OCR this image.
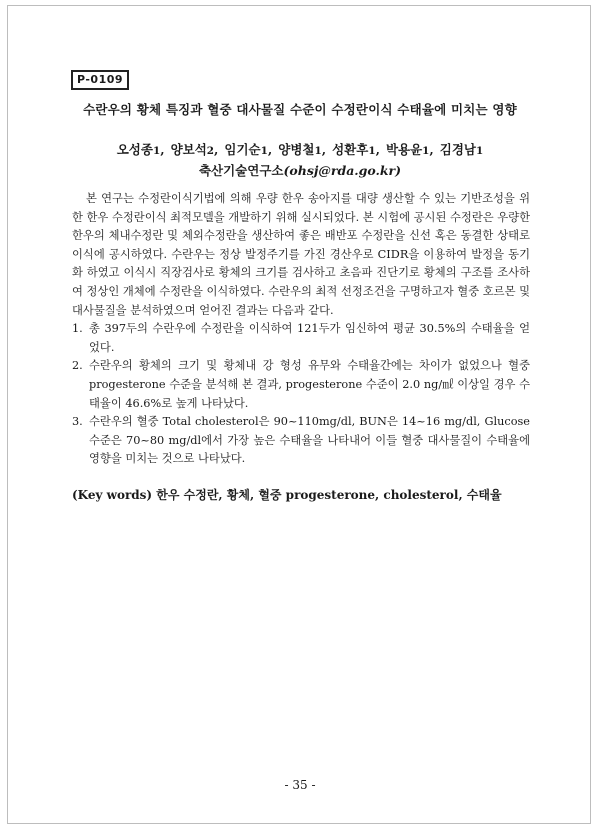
P-0109
수란우의 황체 특징과 혈중 대사물질 수준이 수정란이식 수태율에 미치는 영향
오성종 1 , 양보석 2 , 임기순 1 , 양병철 1 , 성환후 1 , 박용윤 1 , 김경남 1
축산기술연구소(ohsj@rda.go.kr)

본 연구는 수정란이식기법에 의해 우량 한우 송아지를 대량 생산할 수 있는 기반조성을 위한 한우 수정란이식 최적모델을 개발하기 위해 실시되었다. 본 시험에 공시된 수정란은 우량한 한우의 체내수정란 및 체외수정란을 생산하여 좋은 배반포 수정란을 신선 혹은 동결한 상태로 이식에 공시하였다. 수란우는 정상 발정주기를 가진 경산우로 CIDR을 이용하여 발정을 동기화 하였고 이식시 직장검사로 황체의 크기를 검사하고 초음파 진단기로 황체의 구조를 조사하여 정상인 개체에 수정란을 이식하였다. 수란우의 최적 선정조건을 구명하고자 혈중 호르몬 및 대사물질을 분석하였으며 얻어진 결과는 다음과 같다.

1. 총 397두의 수란우에 수정란을 이식하여 121두가 임신하여 평균 30.5%의 수태율을 얻었다.
2. 수란우의 황체의 크기 및 황체내 강 형성 유무와 수태율간에는 차이가 없었으나 혈중 progesterone 수준을 분석해 본 결과, progesterone 수준이 2.0 ng/㎖ 이상일 경우 수태율이 46.6%로 높게 나타났다.
3. 수란우의 혈중 Total cholesterol은 90~110mg/dl, BUN은 14~16 mg/dl, Glucose 수준은 70~80 mg/dl에서 가장 높은 수태율을 나타내어 이들 혈중 대사물질이 수태율에 영향을 미치는 것으로 나타났다.
(Key words) 한우 수정란, 황체, 혈중 progesterone, cholesterol, 수태율
- 35 -
